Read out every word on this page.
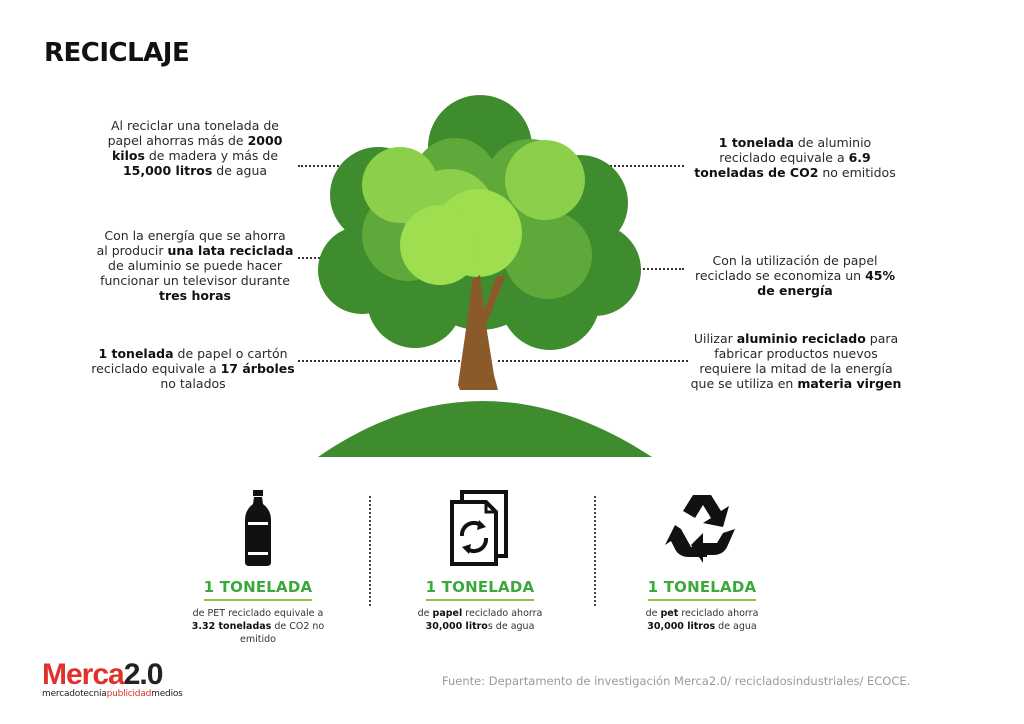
RECICLAJE
Al reciclar una tonelada de
papel ahorras más de 2000
kilos de madera y más de
15,000 litros de agua
Con la energía que se ahorra
al producir una lata reciclada
de aluminio se puede hacer
funcionar un televisor durante
tres horas
1 tonelada de papel o cartón
reciclado equivale a 17 árboles
no talados
1 tonelada de aluminio
reciclado equivale a 6.9
toneladas de CO2 no emitidos
Con la utilización de papel
reciclado se economiza un 45%
de energía
Uilizar aluminio reciclado para
fabricar productos nuevos
requiere la mitad de la energía
que se utiliza en materia virgen
1 TONELADA
de PET reciclado equivale a
3.32 toneladas de CO2 no
emitido
1 TONELADA
de papel reciclado ahorra
30,000 litros de agua
1 TONELADA
de pet reciclado ahorra
30,000 litros de agua
Merca2.0
mercadotecniapublicidadmedios
Fuente: Departamento de investigación Merca2.0/ recicladosindustriales/ ECOCE.
